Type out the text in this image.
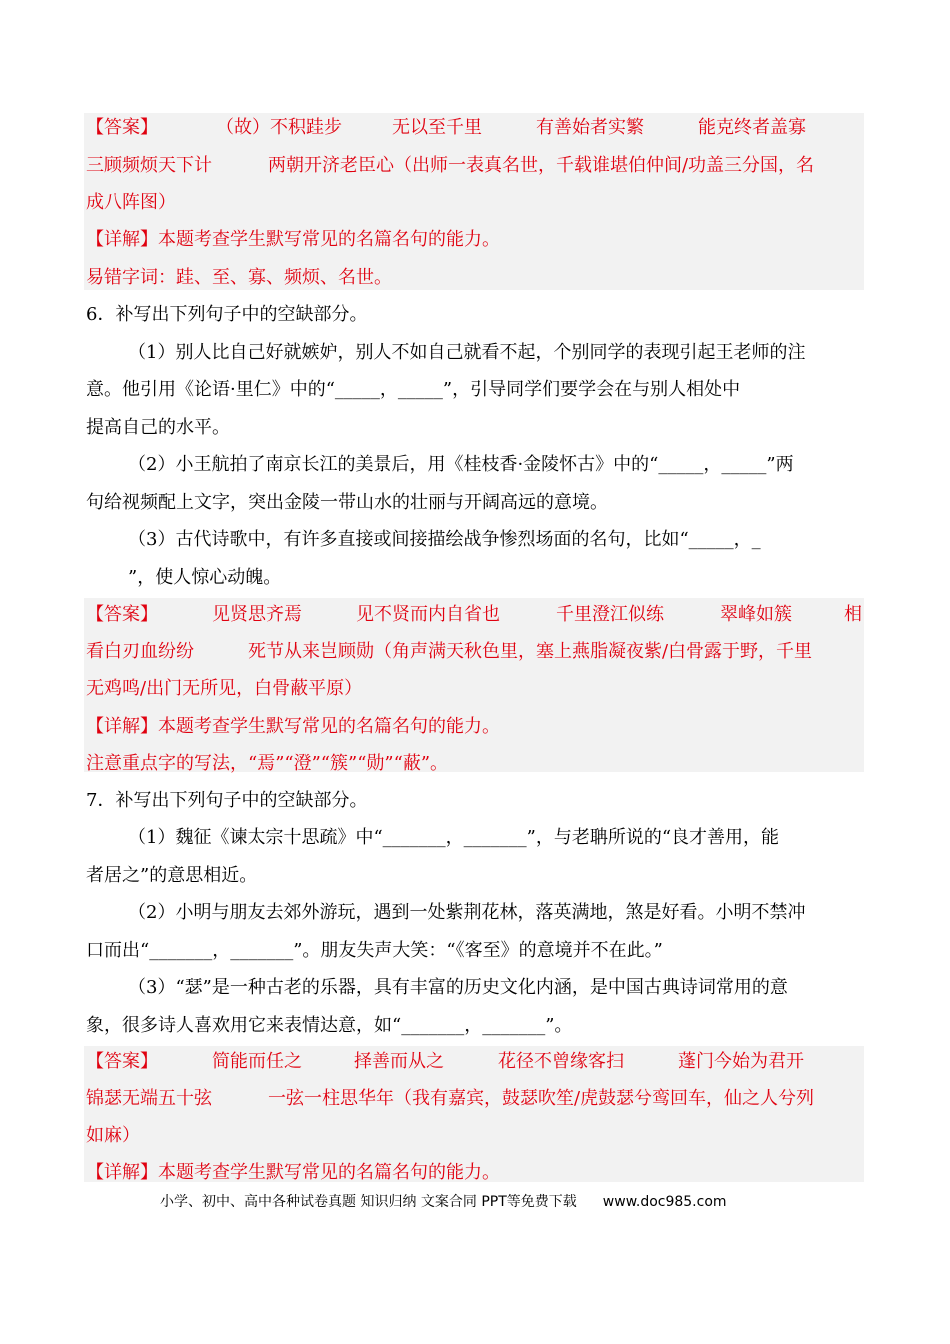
【答案】	（故）不积跬步	无以至千里	有善始者实繁	能克终者盖寡
三顾频烦天下计	两朝开济老臣心（出师一表真名世，千载谁堪伯仲间/功盖三分国，名
成八阵图）
【详解】本题考查学生默写常见的名篇名句的能力。
易错字词：跬、至、寡、频烦、名世。
6．补写出下列句子中的空缺部分。
（1）别人比自己好就嫉妒，别人不如自己就看不起，个别同学的表现引起王老师的注
意。他引用《论语·里仁》中的“_____，_____”，引导同学们要学会在与别人相处中
提高自己的水平。
（2）小王航拍了南京长江的美景后，用《桂枝香·金陵怀古》中的“_____，_____”两
句给视频配上文字，突出金陵一带山水的壮丽与开阔高远的意境。
（3）古代诗歌中，有许多直接或间接描绘战争惨烈场面的名句，比如“_____，_
”，使人惊心动魄。
【答案】	见贤思齐焉	见不贤而内自省也	千里澄江似练	翠峰如簇	相
看白刃血纷纷	死节从来岂顾勋（角声满天秋色里，塞上燕脂凝夜紫/白骨露于野，千里
无鸡鸣/出门无所见，白骨蔽平原）
【详解】本题考查学生默写常见的名篇名句的能力。
注意重点字的写法，“焉”“澄”“簇”“勋”“蔽”。
7．补写出下列句子中的空缺部分。
（1）魏征《谏太宗十思疏》中“_______，_______”，与老聃所说的“良才善用，能
者居之”的意思相近。
（2）小明与朋友去郊外游玩，遇到一处紫荆花林，落英满地，煞是好看。小明不禁冲
口而出“_______，_______”。朋友失声大笑：“《客至》的意境并不在此。”
（3）“瑟”是一种古老的乐器，具有丰富的历史文化内涵，是中国古典诗词常用的意
象，很多诗人喜欢用它来表情达意，如“_______，_______”。
【答案】	简能而任之	择善而从之	花径不曾缘客扫	蓬门今始为君开
锦瑟无端五十弦	一弦一柱思华年（我有嘉宾，鼓瑟吹笙/虎鼓瑟兮鸾回车，仙之人兮列
如麻）
【详解】本题考查学生默写常见的名篇名句的能力。
小学、初中、高中各种试卷真题 知识归纳 文案合同 PPT等免费下载 www.doc985.com
